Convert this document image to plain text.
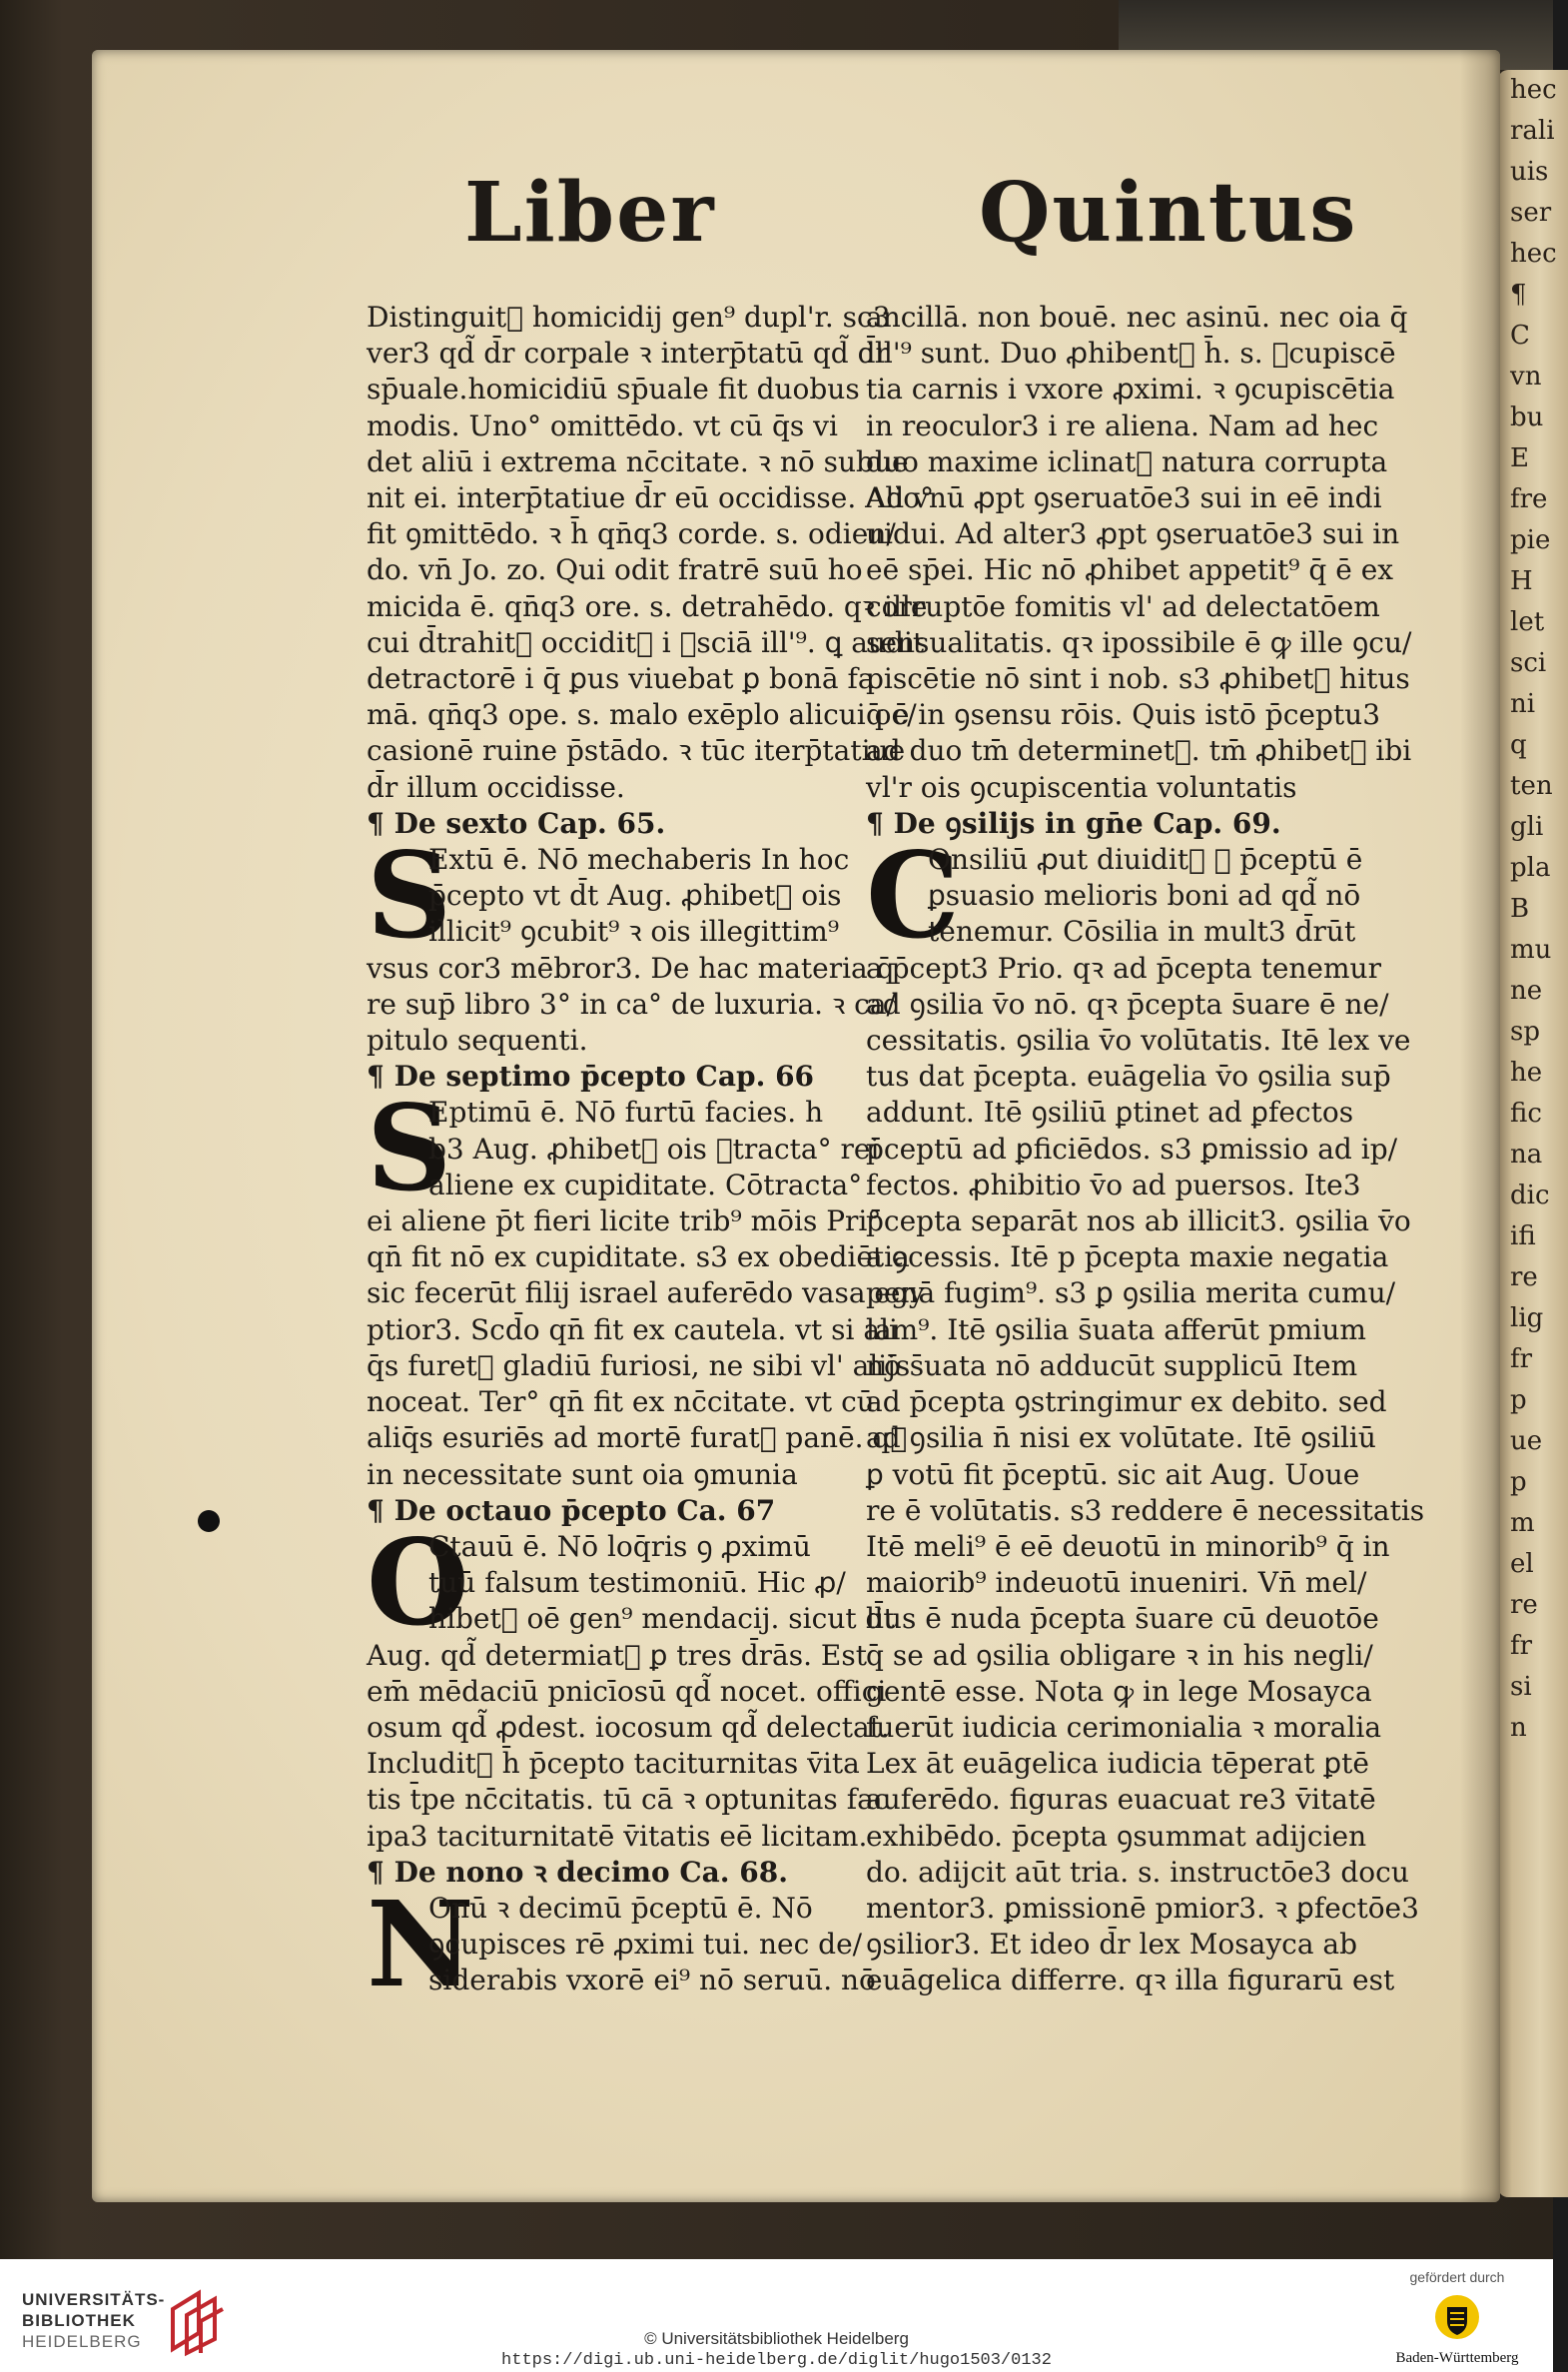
hec
rali
uis
ser
hec
¶
C
vn
bu
E
fre
pie
H
let
sci
ni
q
ten
gli
pla
B
mu
ne
sp
he
fic
na
dic
ifi
re
lig
fr
p
ue
p
m
el
re
fr
si
n
Liber	Quintus
Distinguitᷣ homicidij gen⁹ dupl'r. sc3
ver3 qd̃ d̄r corpale ꝛ interp̄tatū qd̃ d̄r
sp̄uale.homicidiū sp̄uale fit duobus
modis. Uno° omittēdo. vt cū q̄s vi
det aliū i extrema nc̄citate. ꝛ nō subue
nit ei. interp̄tatiue d̄r eū occidisse. Alio°
fit ꝯmittēdo. ꝛ h̄ qn̄q3 corde. s. odien/
do. vn̄ Jo. zo. Qui odit fratrē suū ho
micida ē. qn̄q3 ore. s. detrahēdo. qꝛ ille
cui d̄trahitᷣ occiditᷣ i ꝯsciā ill'⁹. ꝗ audit
detractorē i q̄ ꝑus viuebat ꝑ bonā fa
mā. qn̄q3 ope. s. malo exēplo alicui oc/
casionē ruine p̄stādo. ꝛ tūc iterp̄tatiue
d̄r illum occidisse.
¶ De sexto Cap. 65.
S
Extū ē. Nō mechaberis In hoc
p̄cepto vt d̄t Aug. ꝓhibetᷣ ois
illicit⁹ ꝯcubit⁹ ꝛ ois illegittim⁹
vsus cor3 mēbror3. De hac materia q̄
re sup̄ libro 3° in ca° de luxuria. ꝛ ca/
pitulo sequenti.
¶ De septimo p̄cepto Cap. 66
S
Eptimū ē. Nō furtū facies. h
b3 Aug. ꝓhibetᷣ ois ꝯtracta° rei
aliene ex cupiditate. Cōtracta°
ei aliene p̄t fieri licite trib⁹ mōis Pri°
qn̄ fit nō ex cupiditate. s3 ex obediētia
sic fecerūt filij israel auferēdo vasa egy
ptior3. Scd̄o qn̄ fit ex cautela. vt si ali
q̄s furetᷣ gladiū furiosi, ne sibi vl' alijs
noceat. Ter° qn̄ fit ex nc̄citate. vt cū
aliq̄s esuriēs ad mortē furatᷣ panē. qꝛ
in necessitate sunt oia ꝯmunia
¶ De octauo p̄cepto Ca. 67
O
Ctauū ē. Nō loq̄ris ꝯ ꝓximū
tuū falsum testimoniū. Hic ꝓ/
hibetᷣ oē gen⁹ mendacij. sicut d̄t
Aug. qd̃ determiatᷣ ꝑ tres d̄rās. Est
em̄ mēdaciū pnicīosū qd̃ nocet. offici
osum qd̃ ꝓdest. iocosum qd̃ delectat.
Includitᷣ h̄ p̄cepto taciturnitas v̄ita
tis t̄pe nc̄citatis. tū cā ꝛ optunitas fac
ipa3 taciturnitatē v̄itatis eē licitam.
¶ De nono ꝛ decimo Ca. 68.
N
Onū ꝛ decimū p̄ceptū ē. Nō
ꝯcupisces rē ꝓximi tui. nec de/
siderabis vxorē ei⁹ nō seruū. nō
ancillā. non bouē. nec asinū. nec oia q̄
ill'⁹ sunt. Duo ꝓhibentᷣ h̄. s. ꝯcupiscē
tia carnis i vxore ꝓximi. ꝛ ꝯcupiscētia
in reoculor3 i re aliena. Nam ad hec
duo maxime iclinatᷣ natura corrupta
Ad vnū ꝓpt ꝯseruatōe3 sui in eē indi
uidui. Ad alter3 ꝓpt ꝯseruatōe3 sui in
eē sp̄ei. Hic nō ꝓhibet appetit⁹ q̄ ē ex
corruptōe fomitis vl' ad delectatōem
sensualitatis. qꝛ ipossibile ē ꝙ ille ꝯcu/
piscētie nō sint i nob. s3 ꝓhibetᷣ hitus
q̄ ē in ꝯsensu rōis. Quis istō p̄ceptu3
ad duo tm̄ determinetᷣ. tm̄ ꝓhibetᷣ ibi
vl'r ois ꝯcupiscentia voluntatis
¶ De ꝯsilijs in gn̄e Cap. 69.
C
Onsiliū ꝓut diuiditᷣ ꝯ p̄ceptū ē
ꝑsuasio melioris boni ad qd̃ nō
tenemur. Cōsilia in mult3 d̄rūt
a p̄cept3 Prio. qꝛ ad p̄cepta tenemur
ad ꝯsilia v̄o nō. qꝛ p̄cepta s̄uare ē ne/
cessitatis. ꝯsilia v̄o volūtatis. Itē lex ve
tus dat p̄cepta. euāgelia v̄o ꝯsilia sup̄
addunt. Itē ꝯsiliū ꝑtinet ad ꝑfectos
p̄ceptū ad ꝑficiēdos. s3 ꝑmissio ad ip/
fectos. ꝓhibitio v̄o ad puersos. Ite3
p̄cepta separāt nos ab illicit3. ꝯsilia v̄o
a ꝯcessis. Itē p p̄cepta maxie negatia
penā fugim⁹. s3 ꝑ ꝯsilia merita cumu/
lam⁹. Itē ꝯsilia s̄uata afferūt pmium
nō s̄uata nō adducūt supplicū Item
ad p̄cepta ꝯstringimur ex debito. sed
ad ꝯsilia n̄ nisi ex volūtate. Itē ꝯsiliū
ꝑ votū fit p̄ceptū. sic ait Aug. Uoue
re ē volūtatis. s3 reddere ē necessitatis
Itē meli⁹ ē eē deuotū in minorib⁹ q̄ in
maiorib⁹ indeuotū inueniri. Vn̄ mel/
lius ē nuda p̄cepta s̄uare cū deuotōe
q̄ se ad ꝯsilia obligare ꝛ in his negli/
gentē esse. Nota ꝙ in lege Mosayca
fuerūt iudicia cerimonialia ꝛ moralia
Lex āt euāgelica iudicia tēperat ꝑtē
auferēdo. figuras euacuat re3 v̄itatē
exhibēdo. p̄cepta ꝯsummat adijcien
do. adijcit aūt tria. s. instructōe3 docu
mentor3. ꝑmissionē pmior3. ꝛ ꝑfectōe3
ꝯsilior3. Et ideo d̄r lex Mosayca ab
euāgelica differre. qꝛ illa figurarū est
UNIVERSITÄTS-
BIBLIOTHEK
HEIDELBERG	© Universitätsbibliothek Heidelberg
https://digi.ub.uni-heidelberg.de/diglit/hugo1503/0132
gefördert durch
Baden-Württemberg
